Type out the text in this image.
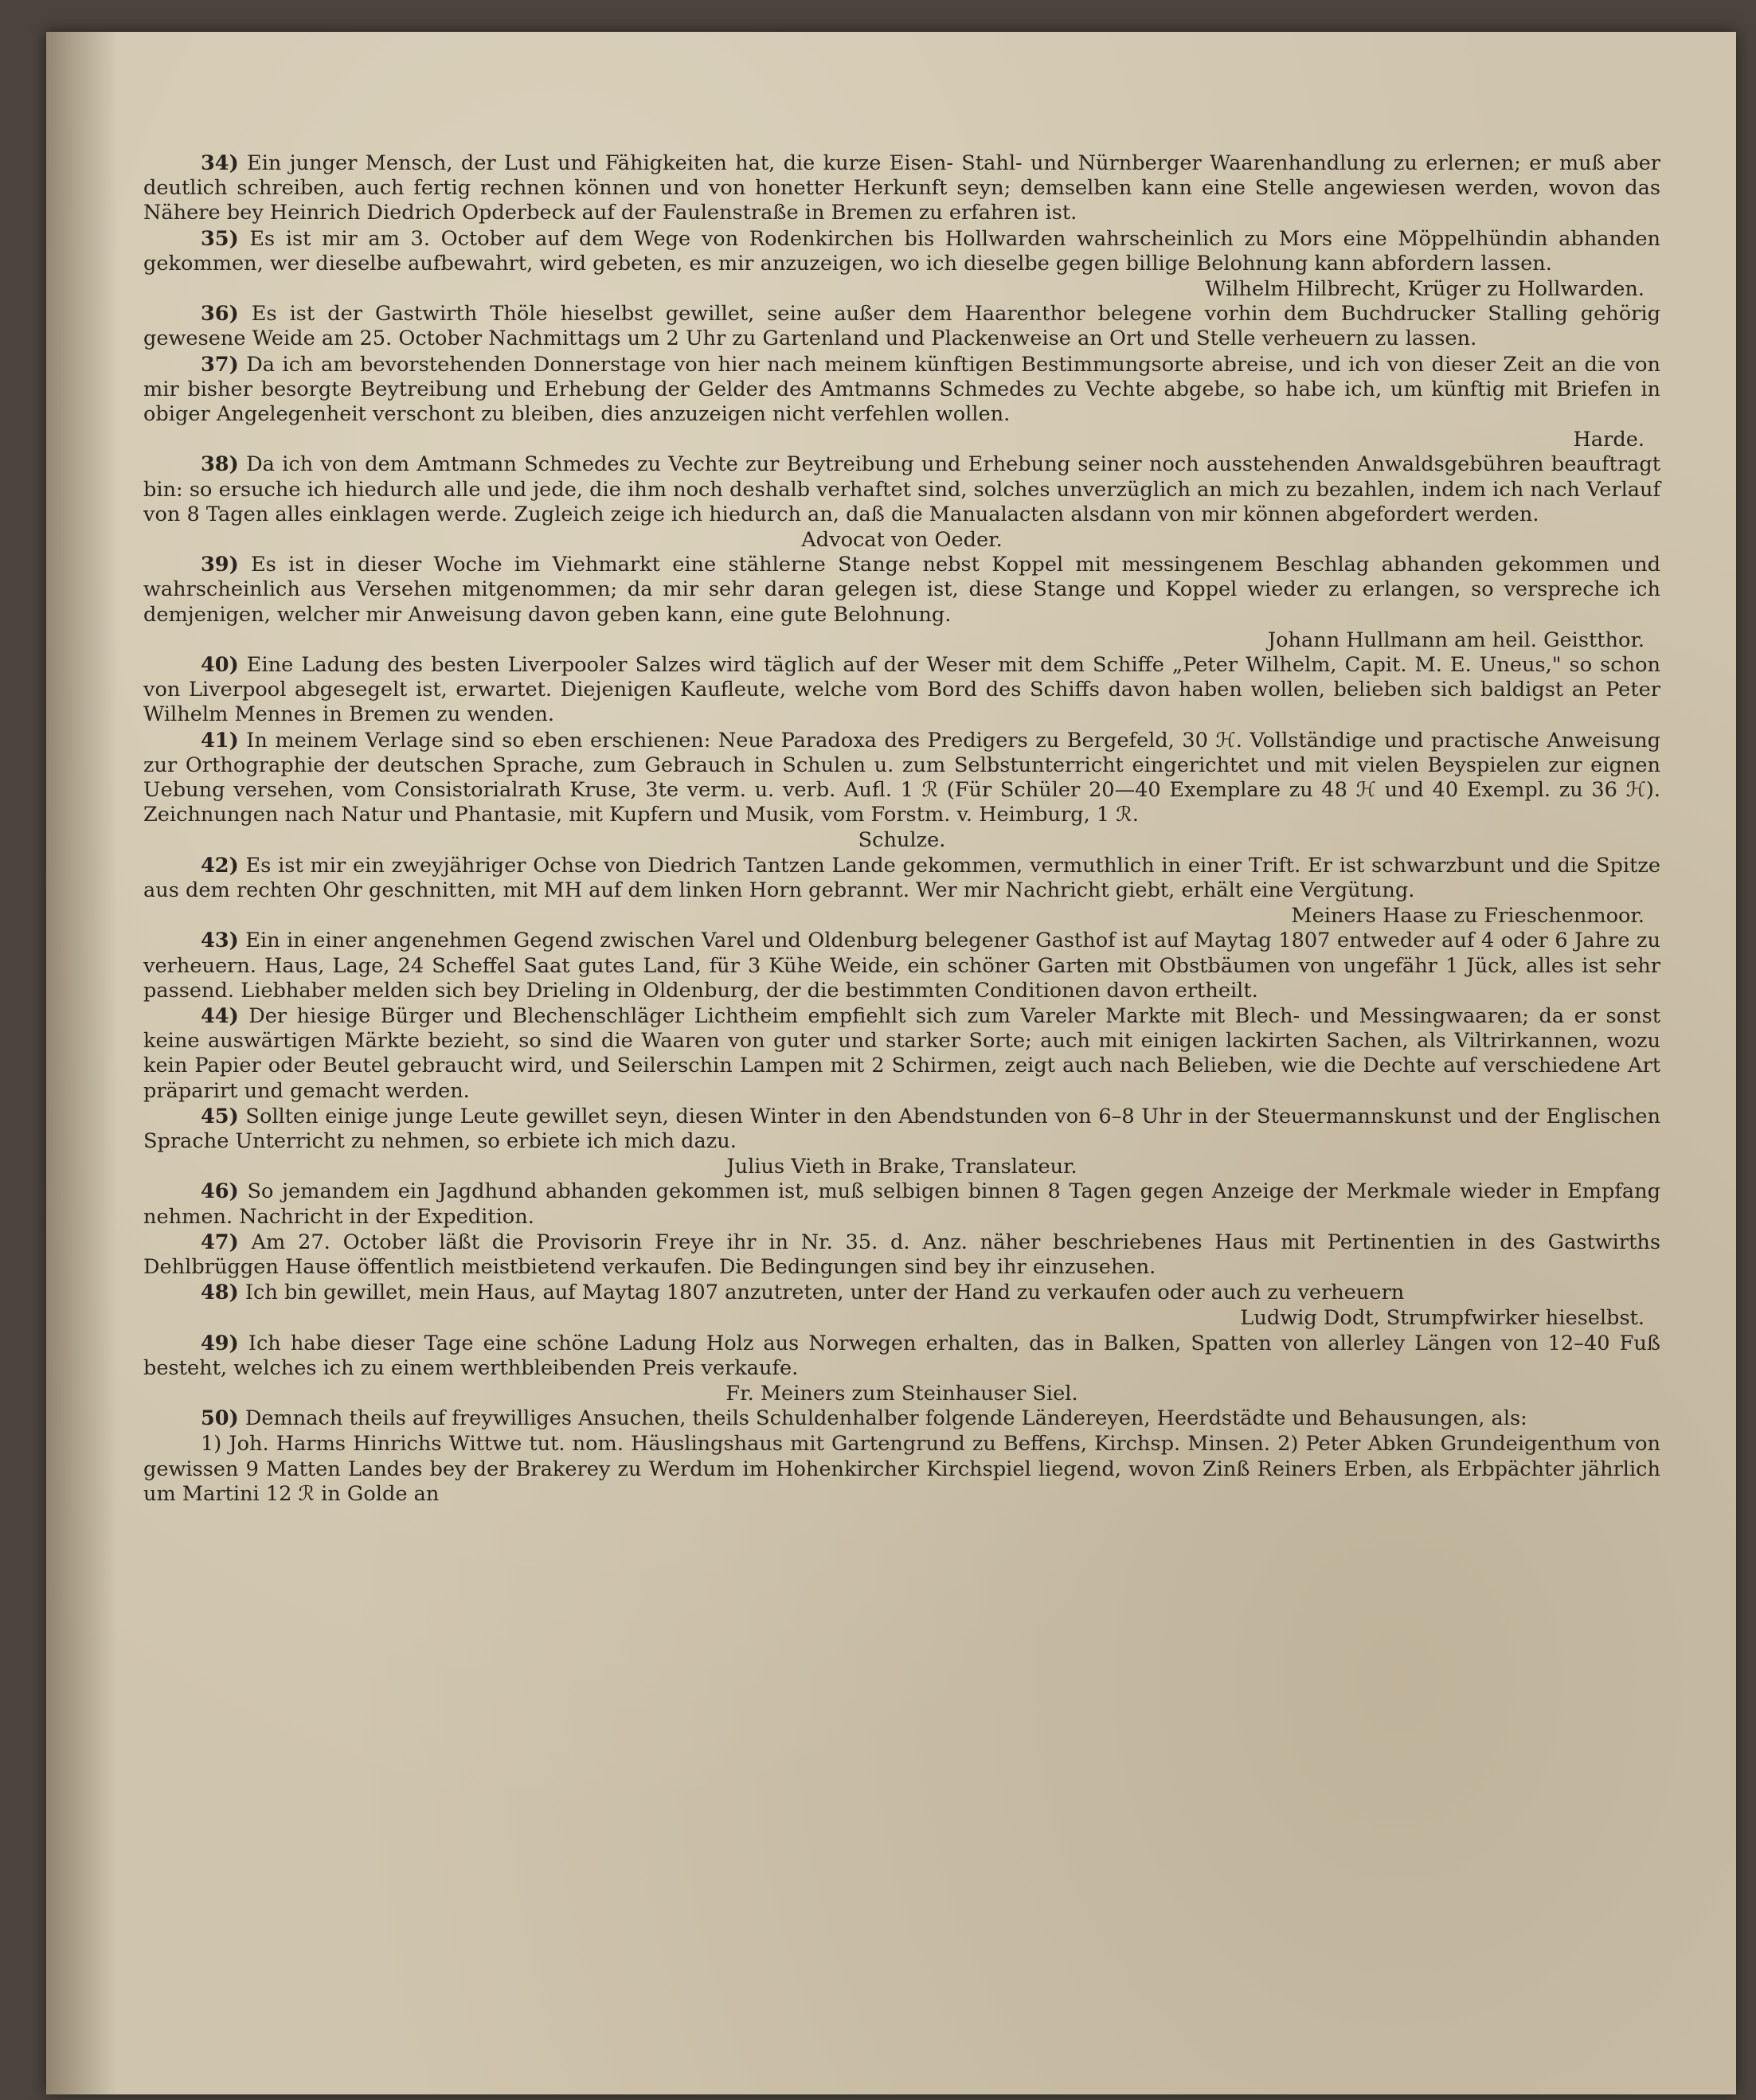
34) Ein junger Mensch, der Lust und Fähigkeiten hat, die kurze Eisen- Stahl- und Nürnberger Waarenhandlung zu erlernen; er muß aber deutlich schreiben, auch fertig rechnen können und von honetter Herkunft seyn; demselben kann eine Stelle angewiesen werden, wovon das Nähere bey Heinrich Diedrich Opderbeck auf der Faulenstraße in Bremen zu erfahren ist.

35) Es ist mir am 3. October auf dem Wege von Rodenkirchen bis Hollwarden wahrscheinlich zu Mors eine Möppelhündin abhanden gekommen, wer dieselbe aufbewahrt, wird gebeten, es mir anzuzeigen, wo ich dieselbe gegen billige Belohnung kann abfordern lassen.

Wilhelm Hilbrecht, Krüger zu Hollwarden.

36) Es ist der Gastwirth Thöle hieselbst gewillet, seine außer dem Haarenthor belegene vorhin dem Buchdrucker Stalling gehörig gewesene Weide am 25. October Nachmittags um 2 Uhr zu Gartenland und Plackenweise an Ort und Stelle verheuern zu lassen.

37) Da ich am bevorstehenden Donnerstage von hier nach meinem künftigen Bestimmungsorte abreise, und ich von dieser Zeit an die von mir bisher besorgte Beytreibung und Erhebung der Gelder des Amtmanns Schmedes zu Vechte abgebe, so habe ich, um künftig mit Briefen in obiger Angelegenheit verschont zu bleiben, dies anzuzeigen nicht verfehlen wollen.

Harde.

38) Da ich von dem Amtmann Schmedes zu Vechte zur Beytreibung und Erhebung seiner noch ausstehenden Anwaldsgebühren beauftragt bin: so ersuche ich hiedurch alle und jede, die ihm noch deshalb verhaftet sind, solches unverzüglich an mich zu bezahlen, indem ich nach Verlauf von 8 Tagen alles einklagen werde. Zugleich zeige ich hiedurch an, daß die Manualacten alsdann von mir können abgefordert werden.

Advocat von Oeder.

39) Es ist in dieser Woche im Viehmarkt eine stählerne Stange nebst Koppel mit messingenem Beschlag abhanden gekommen und wahrscheinlich aus Versehen mitgenommen; da mir sehr daran gelegen ist, diese Stange und Koppel wieder zu erlangen, so verspreche ich demjenigen, welcher mir Anweisung davon geben kann, eine gute Belohnung.

Johann Hullmann am heil. Geistthor.

40) Eine Ladung des besten Liverpooler Salzes wird täglich auf der Weser mit dem Schiffe „Peter Wilhelm, Capit. M. E. Uneus," so schon von Liverpool abgesegelt ist, erwartet. Diejenigen Kaufleute, welche vom Bord des Schiffs davon haben wollen, belieben sich baldigst an Peter Wilhelm Mennes in Bremen zu wenden.

41) In meinem Verlage sind so eben erschienen: Neue Paradoxa des Predigers zu Bergefeld, 30 ℋ. Vollständige und practische Anweisung zur Orthographie der deutschen Sprache, zum Gebrauch in Schulen u. zum Selbstunterricht eingerichtet und mit vielen Beyspielen zur eignen Uebung versehen, vom Consistorialrath Kruse, 3te verm. u. verb. Aufl. 1 ℛ (Für Schüler 20—40 Exemplare zu 48 ℋ und 40 Exempl. zu 36 ℋ). Zeichnungen nach Natur und Phantasie, mit Kupfern und Musik, vom Forstm. v. Heimburg, 1 ℛ.

Schulze.

42) Es ist mir ein zweyjähriger Ochse von Diedrich Tantzen Lande gekommen, vermuthlich in einer Trift. Er ist schwarzbunt und die Spitze aus dem rechten Ohr geschnitten, mit MH auf dem linken Horn gebrannt. Wer mir Nachricht giebt, erhält eine Vergütung.

Meiners Haase zu Frieschenmoor.

43) Ein in einer angenehmen Gegend zwischen Varel und Oldenburg belegener Gasthof ist auf Maytag 1807 entweder auf 4 oder 6 Jahre zu verheuern. Haus, Lage, 24 Scheffel Saat gutes Land, für 3 Kühe Weide, ein schöner Garten mit Obstbäumen von ungefähr 1 Jück, alles ist sehr passend. Liebhaber melden sich bey Drieling in Oldenburg, der die bestimmten Conditionen davon ertheilt.

44) Der hiesige Bürger und Blechenschläger Lichtheim empfiehlt sich zum Vareler Markte mit Blech- und Messingwaaren; da er sonst keine auswärtigen Märkte bezieht, so sind die Waaren von guter und starker Sorte; auch mit einigen lackirten Sachen, als Viltrirkannen, wozu kein Papier oder Beutel gebraucht wird, und Seilerschin Lampen mit 2 Schirmen, zeigt auch nach Belieben, wie die Dechte auf verschiedene Art präparirt und gemacht werden.

45) Sollten einige junge Leute gewillet seyn, diesen Winter in den Abendstunden von 6–8 Uhr in der Steuermannskunst und der Englischen Sprache Unterricht zu nehmen, so erbiete ich mich dazu.

Julius Vieth in Brake, Translateur.

46) So jemandem ein Jagdhund abhanden gekommen ist, muß selbigen binnen 8 Tagen gegen Anzeige der Merkmale wieder in Empfang nehmen. Nachricht in der Expedition.

47) Am 27. October läßt die Provisorin Freye ihr in Nr. 35. d. Anz. näher beschriebenes Haus mit Pertinentien in des Gastwirths Dehlbrüggen Hause öffentlich meistbietend verkaufen. Die Bedingungen sind bey ihr einzusehen.

48) Ich bin gewillet, mein Haus, auf Maytag 1807 anzutreten, unter der Hand zu verkaufen oder auch zu verheuern

Ludwig Dodt, Strumpfwirker hieselbst.

49) Ich habe dieser Tage eine schöne Ladung Holz aus Norwegen erhalten, das in Balken, Spatten von allerley Längen von 12–40 Fuß besteht, welches ich zu einem werthbleibenden Preis verkaufe.

Fr. Meiners zum Steinhauser Siel.

50) Demnach theils auf freywilliges Ansuchen, theils Schuldenhalber folgende Ländereyen, Heerdstädte und Behausungen, als:

1) Joh. Harms Hinrichs Wittwe tut. nom. Häuslingshaus mit Gartengrund zu Beffens, Kirchsp. Minsen. 2) Peter Abken Grundeigenthum von gewissen 9 Matten Landes bey der Brakerey zu Werdum im Hohenkircher Kirchspiel liegend, wovon Zinß Reiners Erben, als Erbpächter jährlich um Martini 12 ℛ in Golde an
